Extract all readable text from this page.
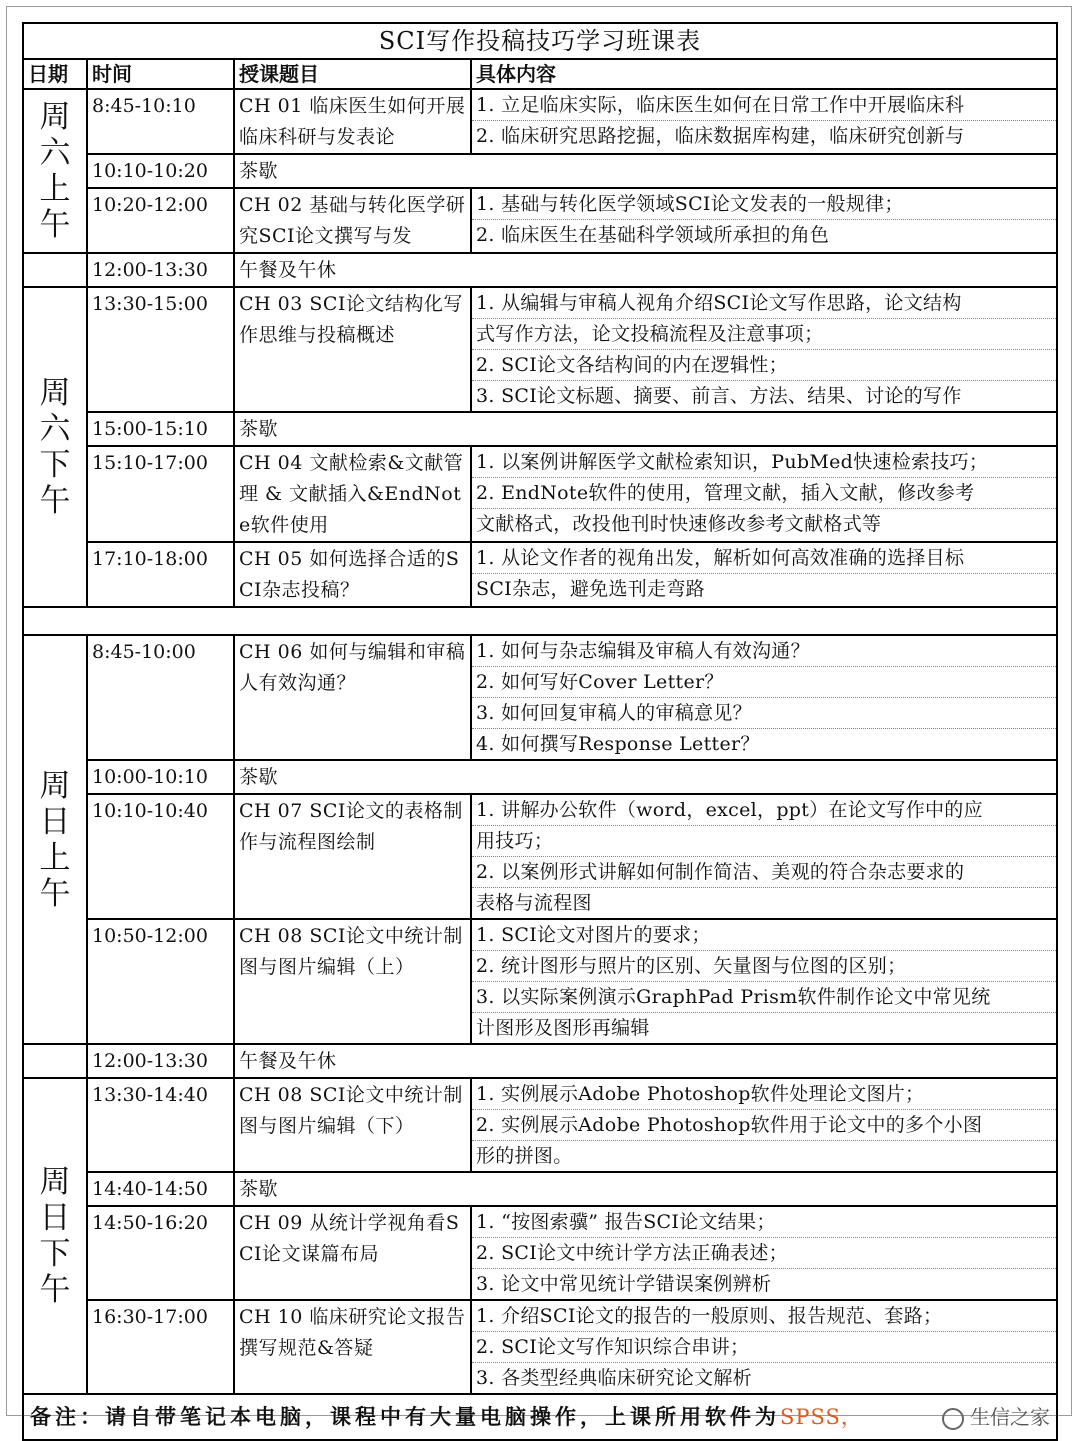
SCI写作投稿技巧学习班课表			
日期	时间	授课题目	具体内容

周六上午	8:45-10:10	CH 01 临床医生如何开展临床科研与发表论	1. 立足临床实际，临床医生如何在日常工作中开展临床科
2. 临床研究思路挖掘，临床数据库构建，临床研究创新与

	10:10-10:20	茶歇	
	10:20-12:00	CH 02 基础与转化医学研究SCI论文撰写与发	1. 基础与转化医学领域SCI论文发表的一般规律；
2. 临床医生在基础科学领域所承担的角色

	12:00-13:30	午餐及午休	

周六下午	13:30-15:00	CH 03 SCI论文结构化写作思维与投稿概述	1. 从编辑与审稿人视角介绍SCI论文写作思路，论文结构
式写作方法，论文投稿流程及注意事项；
2. SCI论文各结构间的内在逻辑性；
3. SCI论文标题、摘要、前言、方法、结果、讨论的写作

	15:00-15:10	茶歇	
	15:10-17:00	CH 04 文献检索&文献管理 & 文献插入&EndNote软件使用	1. 以案例讲解医学文献检索知识，PubMed快速检索技巧；
2. EndNote软件的使用，管理文献，插入文献，修改参考
文献格式，改投他刊时快速修改参考文献格式等

	17:10-18:00	CH 05 如何选择合适的SCI杂志投稿？	1. 从论文作者的视角出发，解析如何高效准确的选择目标
SCI杂志，避免选刊走弯路

周日上午	8:45-10:00	CH 06 如何与编辑和审稿人有效沟通？	1. 如何与杂志编辑及审稿人有效沟通？
2. 如何写好Cover Letter？
3. 如何回复审稿人的审稿意见？
4. 如何撰写Response Letter？

	10:00-10:10	茶歇	
	10:10-10:40	CH 07 SCI论文的表格制作与流程图绘制	1. 讲解办公软件（word，excel，ppt）在论文写作中的应
用技巧；
2. 以案例形式讲解如何制作简洁、美观的符合杂志要求的
表格与流程图

	10:50-12:00	CH 08 SCI论文中统计制图与图片编辑（上）	1. SCI论文对图片的要求；
2. 统计图形与照片的区别、矢量图与位图的区别；
3. 以实际案例演示GraphPad Prism软件制作论文中常见统
计图形及图形再编辑

	12:00-13:30	午餐及午休	

周日下午	13:30-14:40	CH 08 SCI论文中统计制图与图片编辑（下）	1. 实例展示Adobe Photoshop软件处理论文图片；
2. 实例展示Adobe Photoshop软件用于论文中的多个小图
形的拼图。

	14:40-14:50	茶歇	
	14:50-16:20	CH 09 从统计学视角看SCI论文谋篇布局	1. “按图索骥” 报告SCI论文结果；
2. SCI论文中统计学方法正确表述；
3. 论文中常见统计学错误案例辨析

	16:30-17:00	CH 10 临床研究论文报告撰写规范&答疑	1. 介绍SCI论文的报告的一般原则、报告规范、套路；
2. SCI论文写作知识综合串讲；
3. 各类型经典临床研究论文解析

备注：请自带笔记本电脑，课程中有大量电脑操作，上课所用软件为SPSS， 生信之家			
